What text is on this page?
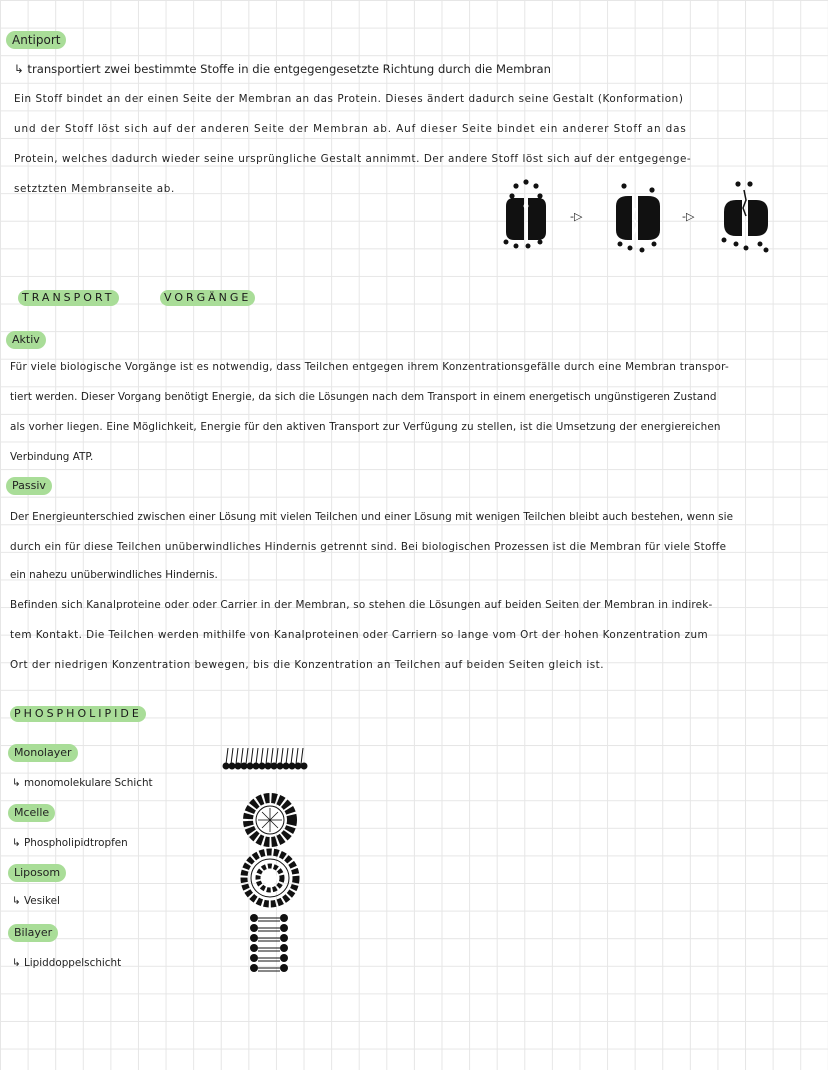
Antiport
↳ transportiert zwei bestimmte Stoffe in die entgegengesetzte Richtung durch die Membran
Ein Stoff bindet an der einen Seite der Membran an das Protein. Dieses ändert dadurch seine Gestalt (Konformation)
und der Stoff löst sich auf der anderen Seite der Membran ab. Auf dieser Seite bindet ein anderer Stoff an das
Protein, welches dadurch wieder seine ursprüngliche Gestalt annimmt. Der andere Stoff löst sich auf der entgegenge-
setztzten Membranseite ab.
-▷	-▷
TRANSPORT	VORGÄNGE
Aktiv
Für viele biologische Vorgänge ist es notwendig, dass Teilchen entgegen ihrem Konzentrationsgefälle durch eine Membran transpor-
tiert werden. Dieser Vorgang benötigt Energie, da sich die Lösungen nach dem Transport in einem energetisch ungünstigeren Zustand
als vorher liegen. Eine Möglichkeit, Energie für den aktiven Transport zur Verfügung zu stellen, ist die Umsetzung der energiereichen
Verbindung ATP.
Passiv
Der Energieunterschied zwischen einer Lösung mit vielen Teilchen und einer Lösung mit wenigen Teilchen bleibt auch bestehen, wenn sie
durch ein für diese Teilchen unüberwindliches Hindernis getrennt sind. Bei biologischen Prozessen ist die Membran für viele Stoffe
ein nahezu unüberwindliches Hindernis.
Befinden sich Kanalproteine oder oder Carrier in der Membran, so stehen die Lösungen auf beiden Seiten der Membran in indirek-
tem Kontakt. Die Teilchen werden mithilfe von Kanalproteinen oder Carriern so lange vom Ort der hohen Konzentration zum
Ort der niedrigen Konzentration bewegen, bis die Konzentration an Teilchen auf beiden Seiten gleich ist.
PHOSPHOLIPIDE
Monolayer
↳ monomolekulare Schicht
Mcelle
↳ Phospholipidtropfen
Liposom
↳ Vesikel
Bilayer
↳ Lipiddoppelschicht
